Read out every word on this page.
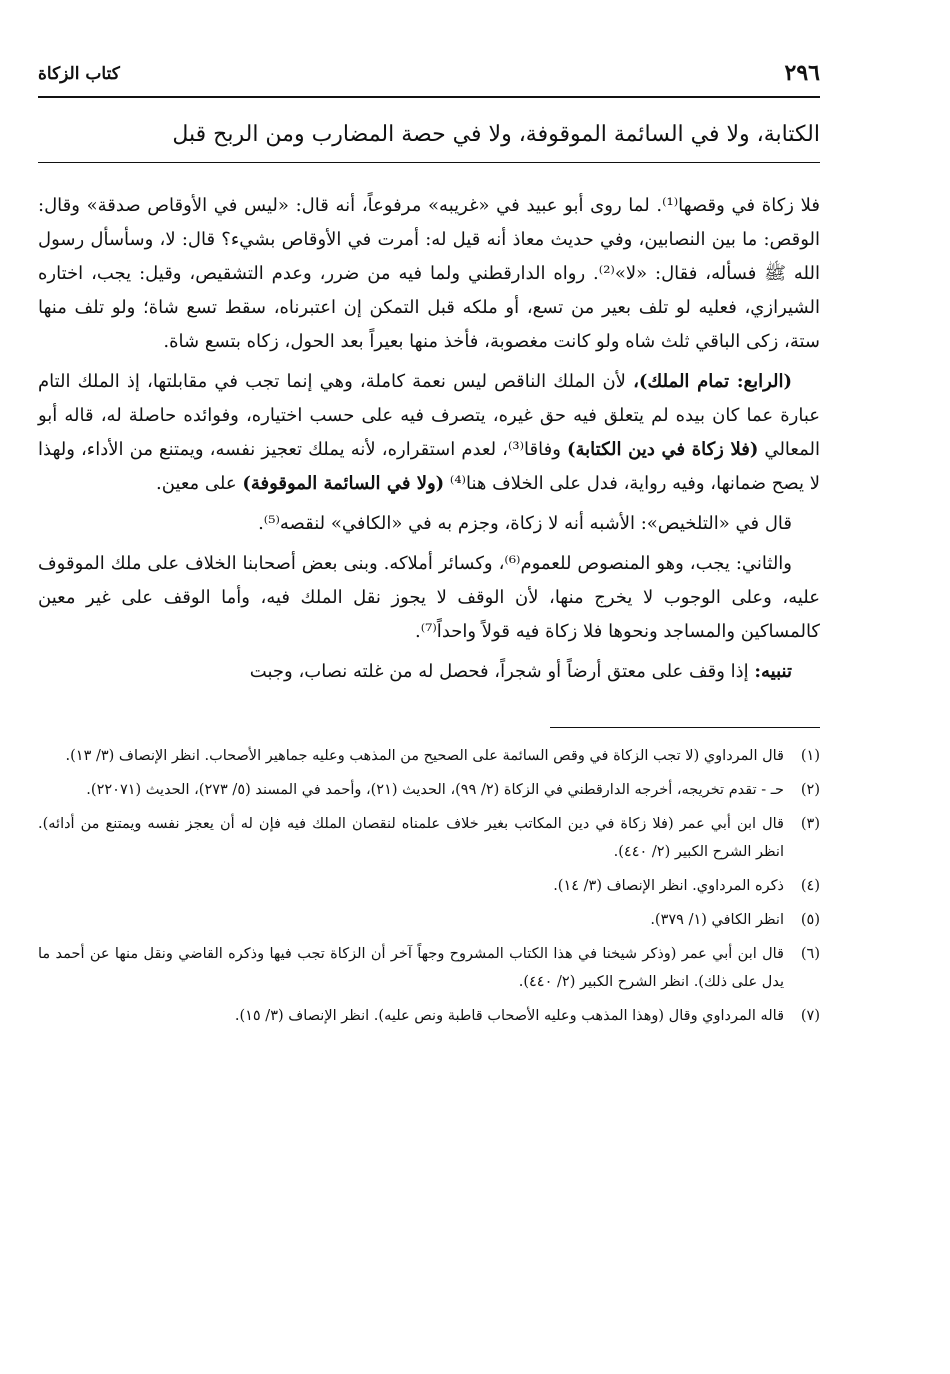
٢٩٦
كتاب الزكاة
الكتابة، ولا في السائمة الموقوفة، ولا في حصة المضارب ومن الربح قبل

فلا زكاة في وقصها⁽¹⁾. لما روى أبو عبيد في «غريبه» مرفوعاً، أنه قال: «ليس في الأوقاص صدقة» وقال: الوقص: ما بين النصابين، وفي حديث معاذ أنه قيل له: أمرت في الأوقاص بشيء؟ قال: لا، وسأسأل رسول الله ﷺ فسأله، فقال: «لا»⁽²⁾. رواه الدارقطني ولما فيه من ضرر، وعدم التشقيص، وقيل: يجب، اختاره الشيرازي، فعليه لو تلف بعير من تسع، أو ملكه قبل التمكن إن اعتبرناه، سقط تسع شاة؛ ولو تلف منها ستة، زكى الباقي ثلث شاه ولو كانت مغصوبة، فأخذ منها بعيراً بعد الحول، زكاه بتسع شاة.

(الرابع: تمام الملك)، لأن الملك الناقص ليس نعمة كاملة، وهي إنما تجب في مقابلتها، إذ الملك التام عبارة عما كان بيده لم يتعلق فيه حق غيره، يتصرف فيه على حسب اختياره، وفوائده حاصلة له، قاله أبو المعالي (فلا زكاة في دين الكتابة) وفاقا⁽³⁾، لعدم استقراره، لأنه يملك تعجيز نفسه، ويمتنع من الأداء، ولهذا لا يصح ضمانها، وفيه رواية، فدل على الخلاف هنا⁽⁴⁾ (ولا في السائمة الموقوفة) على معين.

قال في «التلخيص»: الأشبه أنه لا زكاة، وجزم به في «الكافي» لنقصه⁽⁵⁾.

والثاني: يجب، وهو المنصوص للعموم⁽⁶⁾، وكسائر أملاكه. وبنى بعض أصحابنا الخلاف على ملك الموقوف عليه، وعلى الوجوب لا يخرج منها، لأن الوقف لا يجوز نقل الملك فيه، وأما الوقف على غير معين كالمساكين والمساجد ونحوها فلا زكاة فيه قولاً واحداً⁽⁷⁾.

تنبيه: إذا وقف على معتق أرضاً أو شجراً، فحصل له من غلته نصاب، وجبت

(١)
قال المرداوي (لا تجب الزكاة في وقص السائمة على الصحيح من المذهب وعليه جماهير الأصحاب. انظر الإنصاف (٣/ ١٣).
(٢)
حـ - تقدم تخريجه، أخرجه الدارقطني في الزكاة (٢/ ٩٩)، الحديث (٢١)، وأحمد في المسند (٥/ ٢٧٣)، الحديث (٢٢٠٧١).
(٣)
قال ابن أبي عمر (فلا زكاة في دين المكاتب بغير خلاف علمناه لنقصان الملك فيه فإن له أن يعجز نفسه ويمتنع من أدائه). انظر الشرح الكبير (٢/ ٤٤٠).
(٤)
ذكره المرداوي. انظر الإنصاف (٣/ ١٤).
(٥)
انظر الكافي (١/ ٣٧٩).
(٦)
قال ابن أبي عمر (وذكر شيخنا في هذا الكتاب المشروح وجهاً آخر أن الزكاة تجب فيها وذكره القاضي ونقل منها عن أحمد ما يدل على ذلك). انظر الشرح الكبير (٢/ ٤٤٠).
(٧)
قاله المرداوي وقال (وهذا المذهب وعليه الأصحاب قاطبة ونص عليه). انظر الإنصاف (٣/ ١٥).
